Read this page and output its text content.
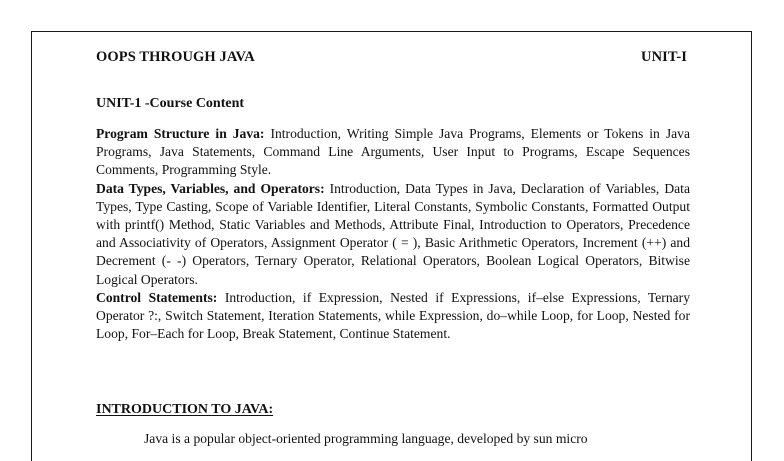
OOPS THROUGH JAVA	UNIT-I
UNIT-1 -Course Content

Program Structure in Java: Introduction, Writing Simple Java Programs, Elements or Tokens in Java Programs, Java Statements, Command Line Arguments, User Input to Programs, Escape Sequences Comments, Programming Style.

Data Types, Variables, and Operators: Introduction, Data Types in Java, Declaration of Variables, Data Types, Type Casting, Scope of Variable Identifier, Literal Constants, Symbolic Constants, Formatted Output with printf() Method, Static Variables and Methods, Attribute Final, Introduction to Operators, Precedence and Associativity of Operators, Assignment Operator ( = ), Basic Arithmetic Operators, Increment (++) and Decrement (- -) Operators, Ternary Operator, Relational Operators, Boolean Logical Operators, Bitwise Logical Operators.

Control Statements: Introduction, if Expression, Nested if Expressions, if–else Expressions, Ternary Operator ?:, Switch Statement, Iteration Statements, while Expression, do–while Loop, for Loop, Nested for Loop, For–Each for Loop, Break Statement, Continue Statement.

INTRODUCTION TO JAVA:
Java is a popular object-oriented programming language, developed by sun micro
